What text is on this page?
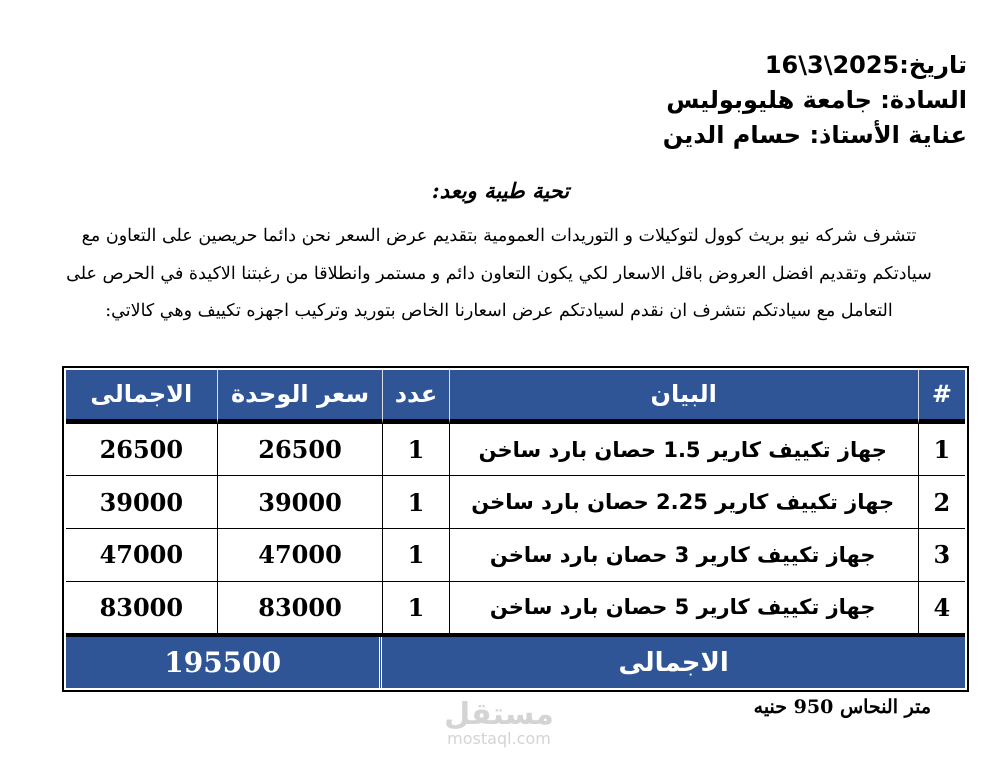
تاريخ:2025\3\16
السادة: جامعة هليوبوليس
عناية الأستاذ: حسام الدين
تحية طيبة وبعد:
تتشرف شركه نيو بريث كوول لتوكيلات و التوريدات العمومية بتقديم عرض السعر نحن دائما حريصين على التعاون مع
سيادتكم وتقديم افضل العروض باقل الاسعار لكي يكون التعاون دائم و مستمر وانطلاقا من رغبتنا الاكيدة في الحرص على
التعامل مع سيادتكم نتشرف ان نقدم لسيادتكم عرض اسعارنا الخاص بتوريد وتركيب اجهزه تكييف وهي كالاتي:
الاجمالى	سعر الوحدة	عدد	البيان	#
26500	26500	1	جهاز تكييف كارير 1.5 حصان بارد ساخن	1
39000	39000	1	جهاز تكييف كارير 2.25 حصان بارد ساخن	2
47000	47000	1	جهاز تكييف كارير 3 حصان بارد ساخن	3
83000	83000	1	جهاز تكييف كارير 5 حصان بارد ساخن	4
195500		الاجمالى		
مستقل
mostaql.com
متر النحاس 950 حنيه
